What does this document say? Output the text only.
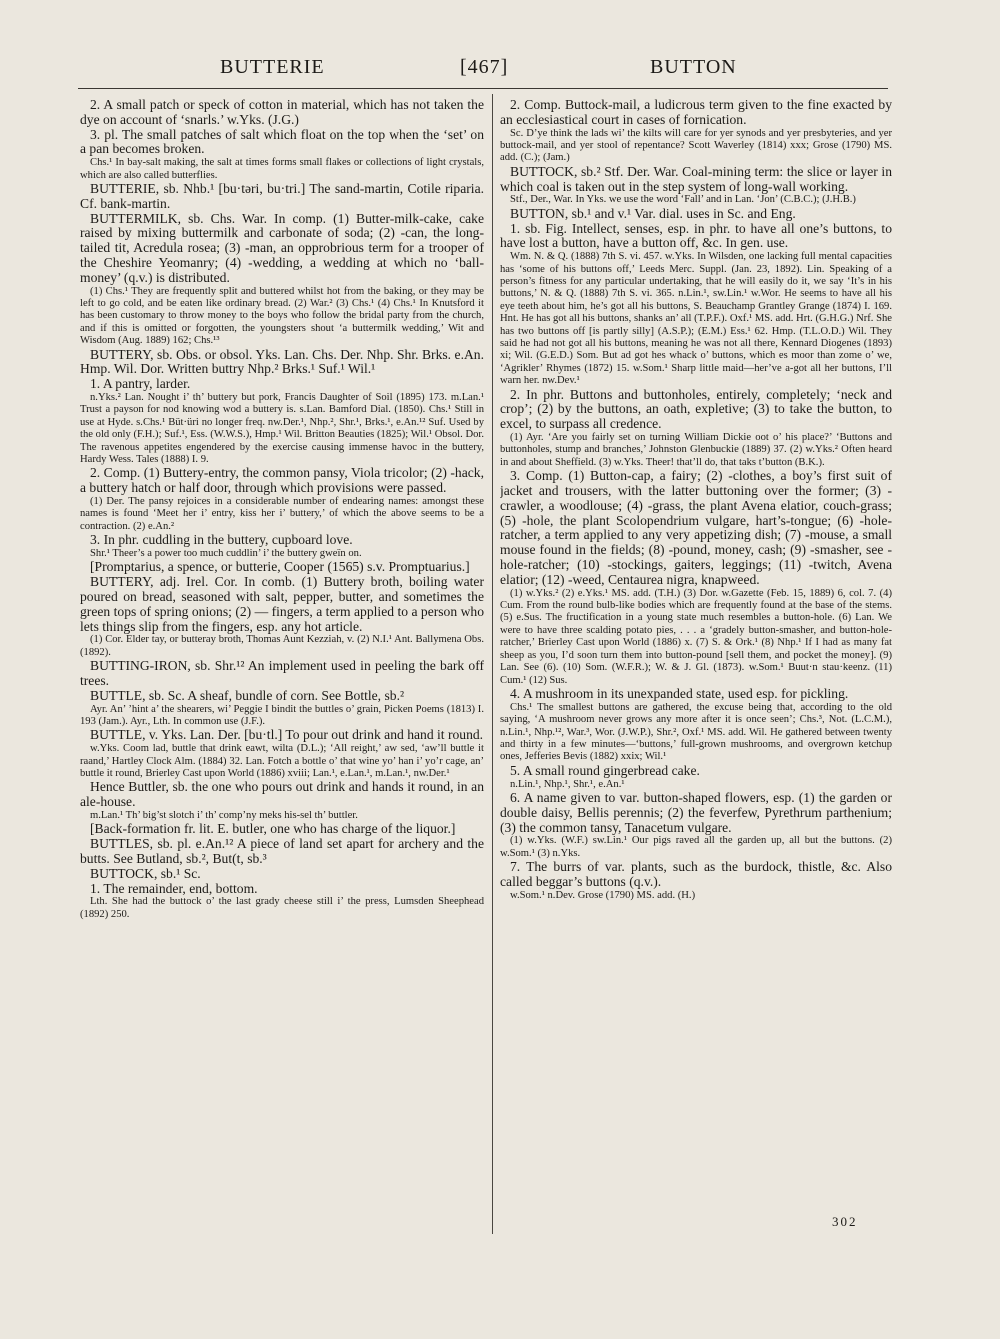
BUTTERIE	[467]	BUTTON

2. A small patch or speck of cotton in material, which has not taken the dye on account of ‘snarls.’ w.Yks. (J.G.)

3. pl. The small patches of salt which float on the top when the ‘set’ on a pan becomes broken.

Chs.¹ In bay-salt making, the salt at times forms small flakes or collections of light crystals, which are also called butterflies.

BUTTERIE, sb. Nhb.¹ [bu·təri, bu·tri.] The sand-martin, Cotile riparia. Cf. bank-martin.

BUTTERMILK, sb. Chs. War. In comp. (1) Butter-milk-cake, cake raised by mixing buttermilk and carbonate of soda; (2) -can, the long-tailed tit, Acredula rosea; (3) -man, an opprobrious term for a trooper of the Cheshire Yeomanry; (4) -wedding, a wedding at which no ‘ball-money’ (q.v.) is distributed.

(1) Chs.¹ They are frequently split and buttered whilst hot from the baking, or they may be left to go cold, and be eaten like ordinary bread. (2) War.² (3) Chs.¹ (4) Chs.¹ In Knutsford it has been customary to throw money to the boys who follow the bridal party from the church, and if this is omitted or forgotten, the youngsters shout ‘a buttermilk wedding,’ Wit and Wisdom (Aug. 1889) 162; Chs.¹³

BUTTERY, sb. Obs. or obsol. Yks. Lan. Chs. Der. Nhp. Shr. Brks. e.An. Hmp. Wil. Dor. Written buttry Nhp.² Brks.¹ Suf.¹ Wil.¹

1. A pantry, larder.

n.Yks.² Lan. Nought i’ th’ buttery but pork, Francis Daughter of Soil (1895) 173. m.Lan.¹ Trust a payson for nod knowing wod a buttery is. s.Lan. Bamford Dial. (1850). Chs.¹ Still in use at Hyde. s.Chs.¹ Büt·üri no longer freq. nw.Der.¹, Nhp.², Shr.¹, Brks.¹, e.An.¹² Suf. Used by the old only (F.H.); Suf.¹, Ess. (W.W.S.), Hmp.¹ Wil. Britton Beauties (1825); Wil.¹ Obsol. Dor. The ravenous appetites engendered by the exercise causing immense havoc in the buttery, Hardy Wess. Tales (1888) I. 9.

2. Comp. (1) Buttery-entry, the common pansy, Viola tricolor; (2) -hack, a buttery hatch or half door, through which provisions were passed.

(1) Der. The pansy rejoices in a considerable number of endearing names: amongst these names is found ‘Meet her i’ entry, kiss her i’ buttery,’ of which the above seems to be a contraction. (2) e.An.²

3. In phr. cuddling in the buttery, cupboard love.

Shr.¹ Theer’s a power too much cuddlin’ i’ the buttery gweïn on.

[Promptarius, a spence, or butterie, Cooper (1565) s.v. Promptuarius.]

BUTTERY, adj. Irel. Cor. In comb. (1) Buttery broth, boiling water poured on bread, seasoned with salt, pepper, butter, and sometimes the green tops of spring onions; (2) — fingers, a term applied to a person who lets things slip from the fingers, esp. any hot article.

(1) Cor. Elder tay, or butteray broth, Thomas Aunt Kezziah, v. (2) N.I.¹ Ant. Ballymena Obs. (1892).

BUTTING-IRON, sb. Shr.¹² An implement used in peeling the bark off trees.

BUTTLE, sb. Sc. A sheaf, bundle of corn. See Bottle, sb.²

Ayr. An’ ’hint a’ the shearers, wi’ Peggie I bindit the buttles o’ grain, Picken Poems (1813) I. 193 (Jam.). Ayr., Lth. In common use (J.F.).

BUTTLE, v. Yks. Lan. Der. [bu·tl.] To pour out drink and hand it round.

w.Yks. Coom lad, buttle that drink eawt, wilta (D.L.); ‘All reight,’ aw sed, ‘aw’ll buttle it raand,’ Hartley Clock Alm. (1884) 32. Lan. Fotch a bottle o’ that wine yo’ han i’ yo’r cage, an’ buttle it round, Brierley Cast upon World (1886) xviii; Lan.¹, e.Lan.¹, m.Lan.¹, nw.Der.¹

Hence Buttler, sb. the one who pours out drink and hands it round, in an ale-house.

m.Lan.¹ Th’ big’st slotch i’ th’ comp’ny meks his-sel th’ buttler.

[Back-formation fr. lit. E. butler, one who has charge of the liquor.]

BUTTLES, sb. pl. e.An.¹² A piece of land set apart for archery and the butts. See Butland, sb.², But(t, sb.³

BUTTOCK, sb.¹ Sc.

1. The remainder, end, bottom.

Lth. She had the buttock o’ the last grady cheese still i’ the press, Lumsden Sheephead (1892) 250.

2. Comp. Buttock-mail, a ludicrous term given to the fine exacted by an ecclesiastical court in cases of fornication.

Sc. D’ye think the lads wi’ the kilts will care for yer synods and yer presbyteries, and yer buttock-mail, and yer stool of repentance? Scott Waverley (1814) xxx; Grose (1790) MS. add. (C.); (Jam.)

BUTTOCK, sb.² Stf. Der. War. Coal-mining term: the slice or layer in which coal is taken out in the step system of long-wall working.

Stf., Der., War. In Yks. we use the word ‘Fall’ and in Lan. ‘Jon’ (C.B.C.); (J.H.B.)

BUTTON, sb.¹ and v.¹ Var. dial. uses in Sc. and Eng.

1. sb. Fig. Intellect, senses, esp. in phr. to have all one’s buttons, to have lost a button, have a button off, &c. In gen. use.

Wm. N. & Q. (1888) 7th S. vi. 457. w.Yks. In Wilsden, one lacking full mental capacities has ‘some of his buttons off,’ Leeds Merc. Suppl. (Jan. 23, 1892). Lin. Speaking of a person’s fitness for any particular undertaking, that he will easily do it, we say ‘It’s in his buttons,’ N. & Q. (1888) 7th S. vi. 365. n.Lin.¹, sw.Lin.¹ w.Wor. He seems to have all his eye teeth about him, he’s got all his buttons, S. Beauchamp Grantley Grange (1874) I. 169. Hnt. He has got all his buttons, shanks an’ all (T.P.F.). Oxf.¹ MS. add. Hrt. (G.H.G.) Nrf. She has two buttons off [is partly silly] (A.S.P.); (E.M.) Ess.¹ 62. Hmp. (T.L.O.D.) Wil. They said he had not got all his buttons, meaning he was not all there, Kennard Diogenes (1893) xi; Wil. (G.E.D.) Som. But ad got hes whack o’ buttons, which es moor than zome o’ we, ‘Agrikler’ Rhymes (1872) 15. w.Som.¹ Sharp little maid—her’ve a-got all her buttons, I’ll warn her. nw.Dev.¹

2. In phr. Buttons and buttonholes, entirely, completely; ‘neck and crop’; (2) by the buttons, an oath, expletive; (3) to take the button, to excel, to surpass all credence.

(1) Ayr. ‘Are you fairly set on turning William Dickie oot o’ his place?’ ‘Buttons and buttonholes, stump and branches,’ Johnston Glenbuckie (1889) 37. (2) w.Yks.² Often heard in and about Sheffield. (3) w.Yks. Theer! that’ll do, that taks t’button (B.K.).

3. Comp. (1) Button-cap, a fairy; (2) -clothes, a boy’s first suit of jacket and trousers, with the latter buttoning over the former; (3) -crawler, a woodlouse; (4) -grass, the plant Avena elatior, couch-grass; (5) -hole, the plant Scolopendrium vulgare, hart’s-tongue; (6) -hole-ratcher, a term applied to any very appetizing dish; (7) -mouse, a small mouse found in the fields; (8) -pound, money, cash; (9) -smasher, see -hole-ratcher; (10) -stockings, gaiters, leggings; (11) -twitch, Avena elatior; (12) -weed, Centaurea nigra, knapweed.

(1) w.Yks.² (2) e.Yks.¹ MS. add. (T.H.) (3) Dor. w.Gazette (Feb. 15, 1889) 6, col. 7. (4) Cum. From the round bulb-like bodies which are frequently found at the base of the stems. (5) e.Sus. The fructification in a young state much resembles a button-hole. (6) Lan. We were to have three scalding potato pies, . . . a ‘gradely button-smasher, and button-hole-ratcher,’ Brierley Cast upon World (1886) x. (7) S. & Ork.¹ (8) Nhp.¹ If I had as many fat sheep as you, I’d soon turn them into button-pound [sell them, and pocket the money]. (9) Lan. See (6). (10) Som. (W.F.R.); W. & J. Gl. (1873). w.Som.¹ Buut·n stau·keenz. (11) Cum.¹ (12) Sus.

4. A mushroom in its unexpanded state, used esp. for pickling.

Chs.¹ The smallest buttons are gathered, the excuse being that, according to the old saying, ‘A mushroom never grows any more after it is once seen’; Chs.³, Not. (L.C.M.), n.Lin.¹, Nhp.¹², War.³, Wor. (J.W.P.), Shr.², Oxf.¹ MS. add. Wil. He gathered between twenty and thirty in a few minutes—‘buttons,’ full-grown mushrooms, and overgrown ketchup ones, Jefferies Bevis (1882) xxix; Wil.¹

5. A small round gingerbread cake.

n.Lin.¹, Nhp.¹, Shr.¹, e.An.¹

6. A name given to var. button-shaped flowers, esp. (1) the garden or double daisy, Bellis perennis; (2) the feverfew, Pyrethrum parthenium; (3) the common tansy, Tanacetum vulgare.

(1) w.Yks. (W.F.) sw.Lin.¹ Our pigs raved all the garden up, all but the buttons. (2) w.Som.¹ (3) n.Yks.

7. The burrs of var. plants, such as the burdock, thistle, &c. Also called beggar’s buttons (q.v.).

w.Som.¹ n.Dev. Grose (1790) MS. add. (H.)

302
